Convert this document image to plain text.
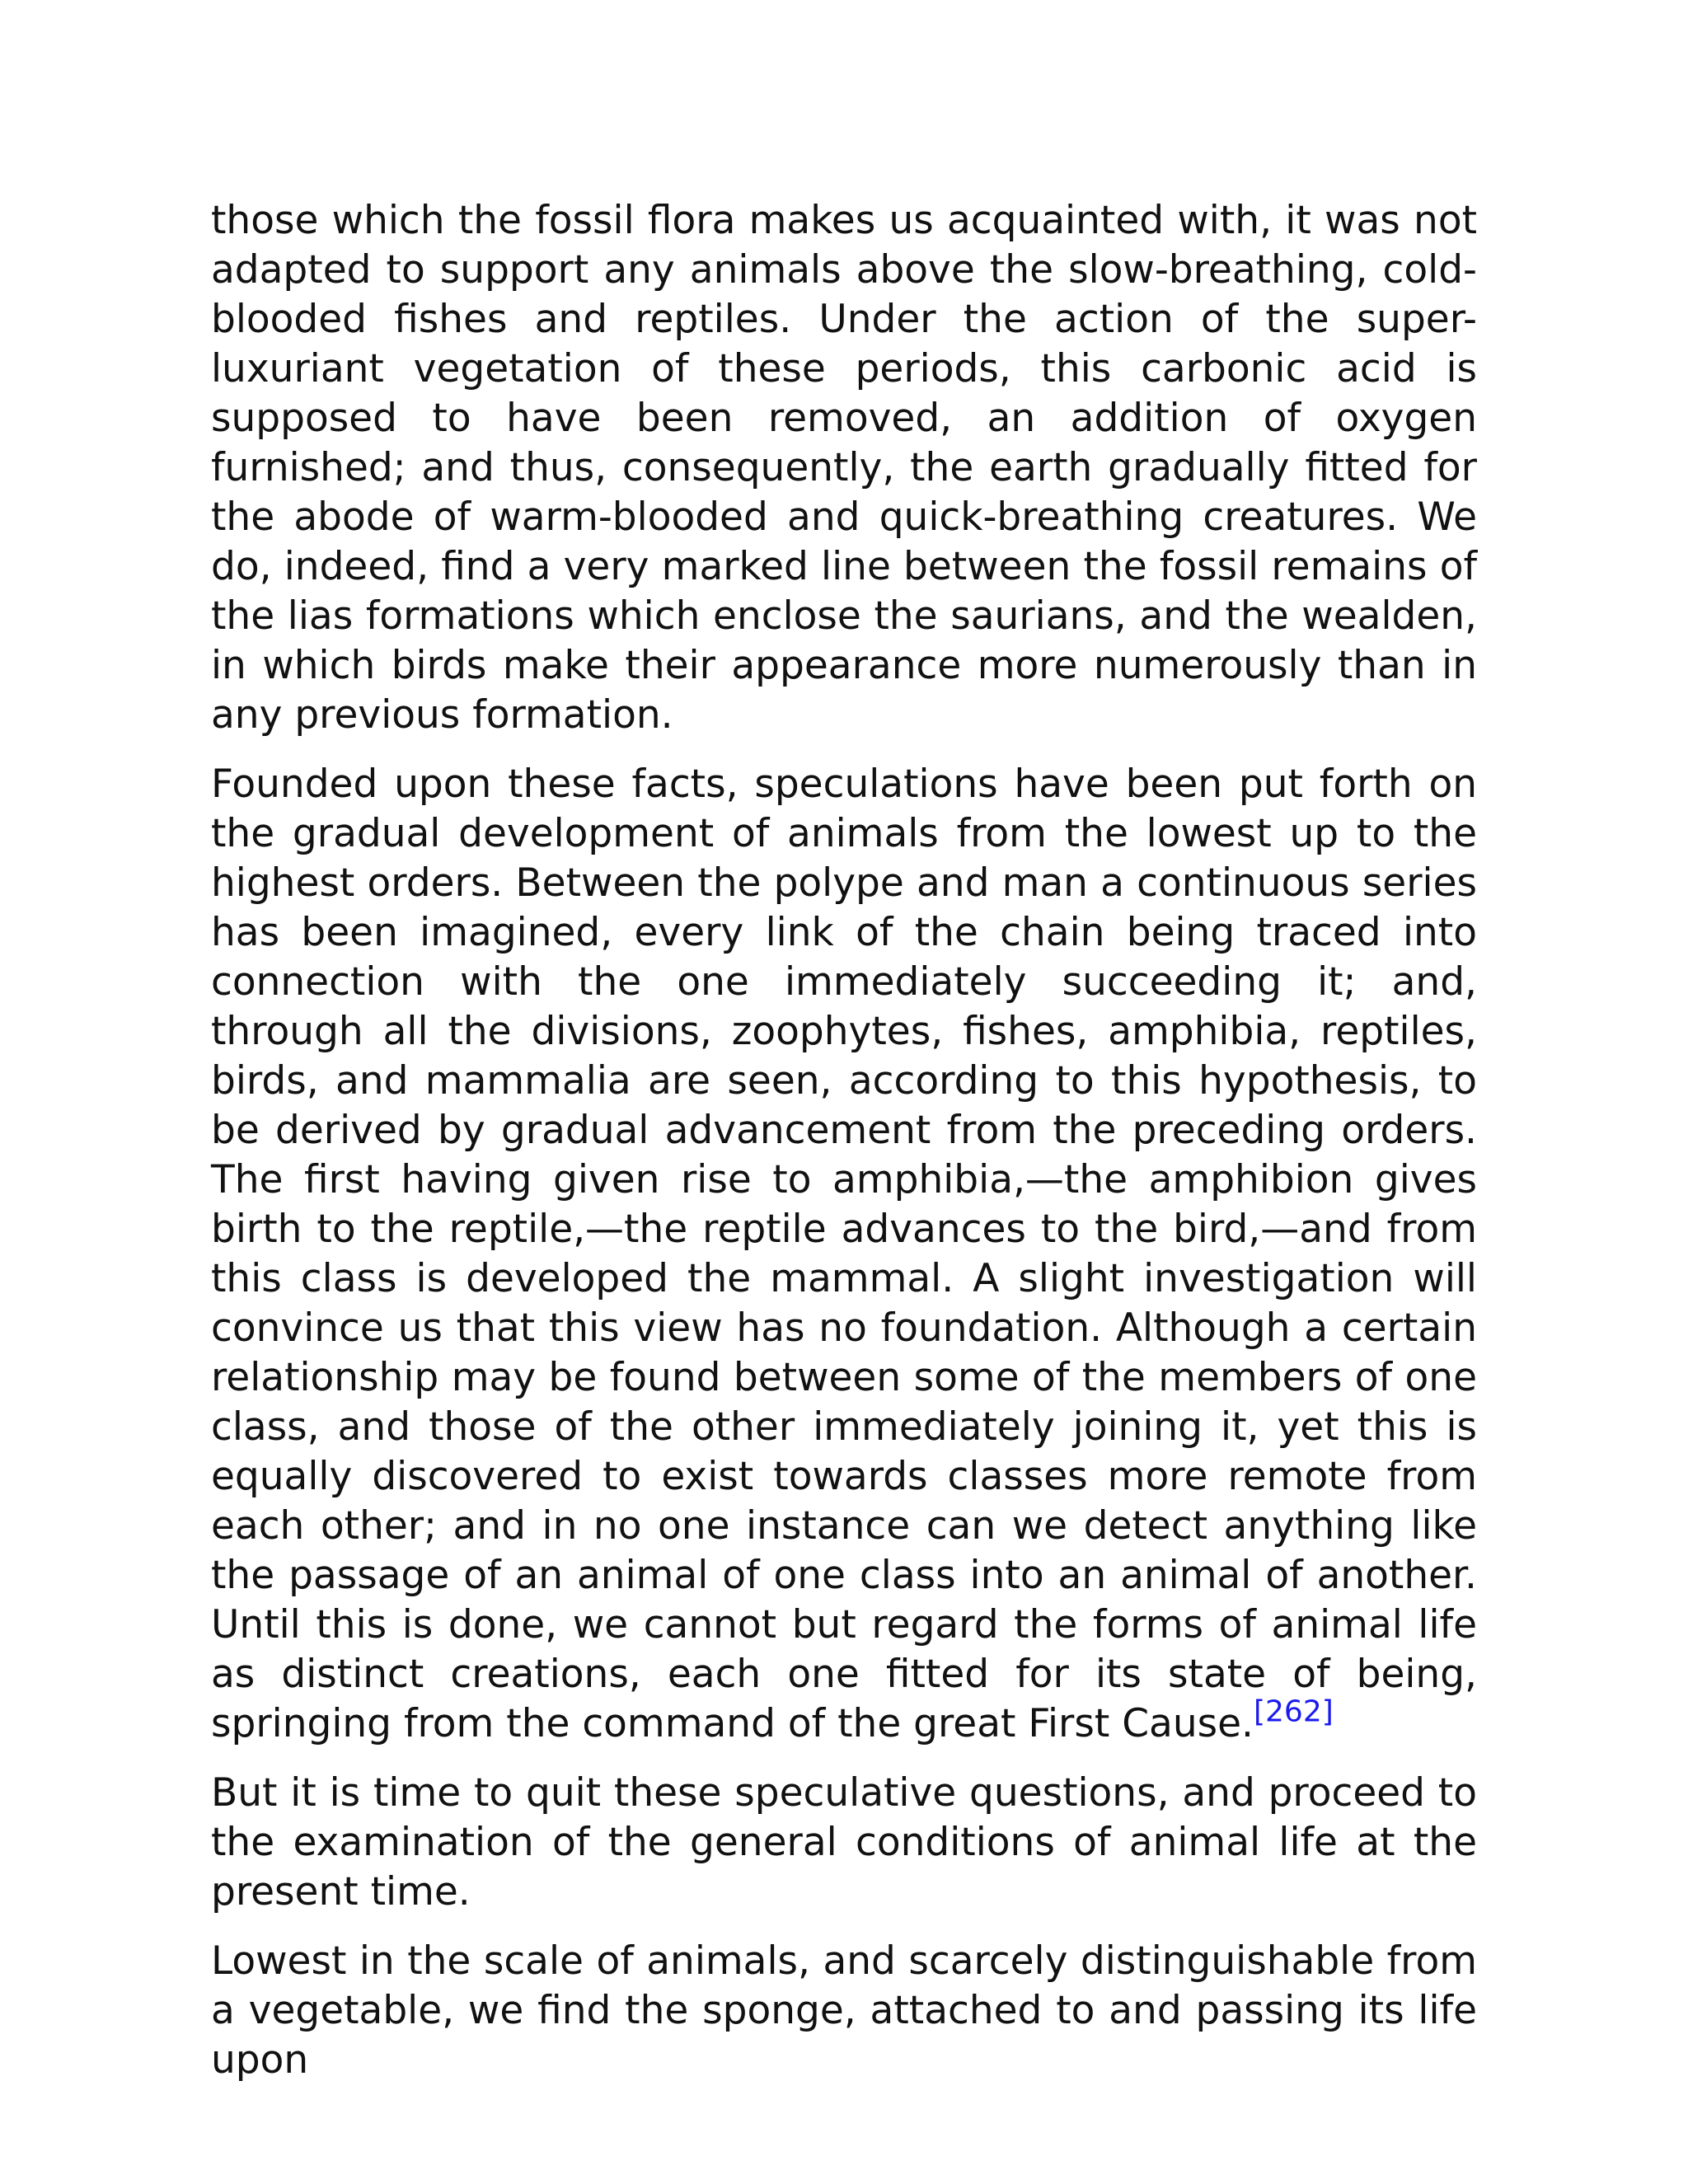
those which the fossil flora makes us acquainted with, it was not adapted to support any animals above the slow-breathing, cold-blooded fishes and reptiles. Under the action of the super-luxuriant vegetation of these periods, this carbonic acid is supposed to have been removed, an addition of oxygen furnished; and thus, consequently, the earth gradually fitted for the abode of warm-blooded and quick-breathing creatures. We do, indeed, find a very marked line between the fossil remains of the lias formations which enclose the saurians, and the wealden, in which birds make their appearance more numerously than in any previous formation.

Founded upon these facts, speculations have been put forth on the gradual development of animals from the lowest up to the highest orders. Between the polype and man a continuous series has been imagined, every link of the chain being traced into connection with the one immediately succeeding it; and, through all the divisions, zoophytes, fishes, amphibia, reptiles, birds, and mammalia are seen, according to this hypothesis, to be derived by gradual advancement from the preceding orders. The first having given rise to amphibia,—the amphibion gives birth to the reptile,—the reptile advances to the bird,—and from this class is developed the mammal. A slight investigation will convince us that this view has no foundation. Although a certain relationship may be found between some of the members of one class, and those of the other immediately joining it, yet this is equally discovered to exist towards classes more remote from each other; and in no one instance can we detect anything like the passage of an animal of one class into an animal of another. Until this is done, we cannot but regard the forms of animal life as distinct creations, each one fitted for its state of being, springing from the command of the great First Cause.[262]

But it is time to quit these speculative questions, and proceed to the examination of the general conditions of animal life at the present time.

Lowest in the scale of animals, and scarcely distinguishable from a vegetable, we find the sponge, attached to and passing its life upon
